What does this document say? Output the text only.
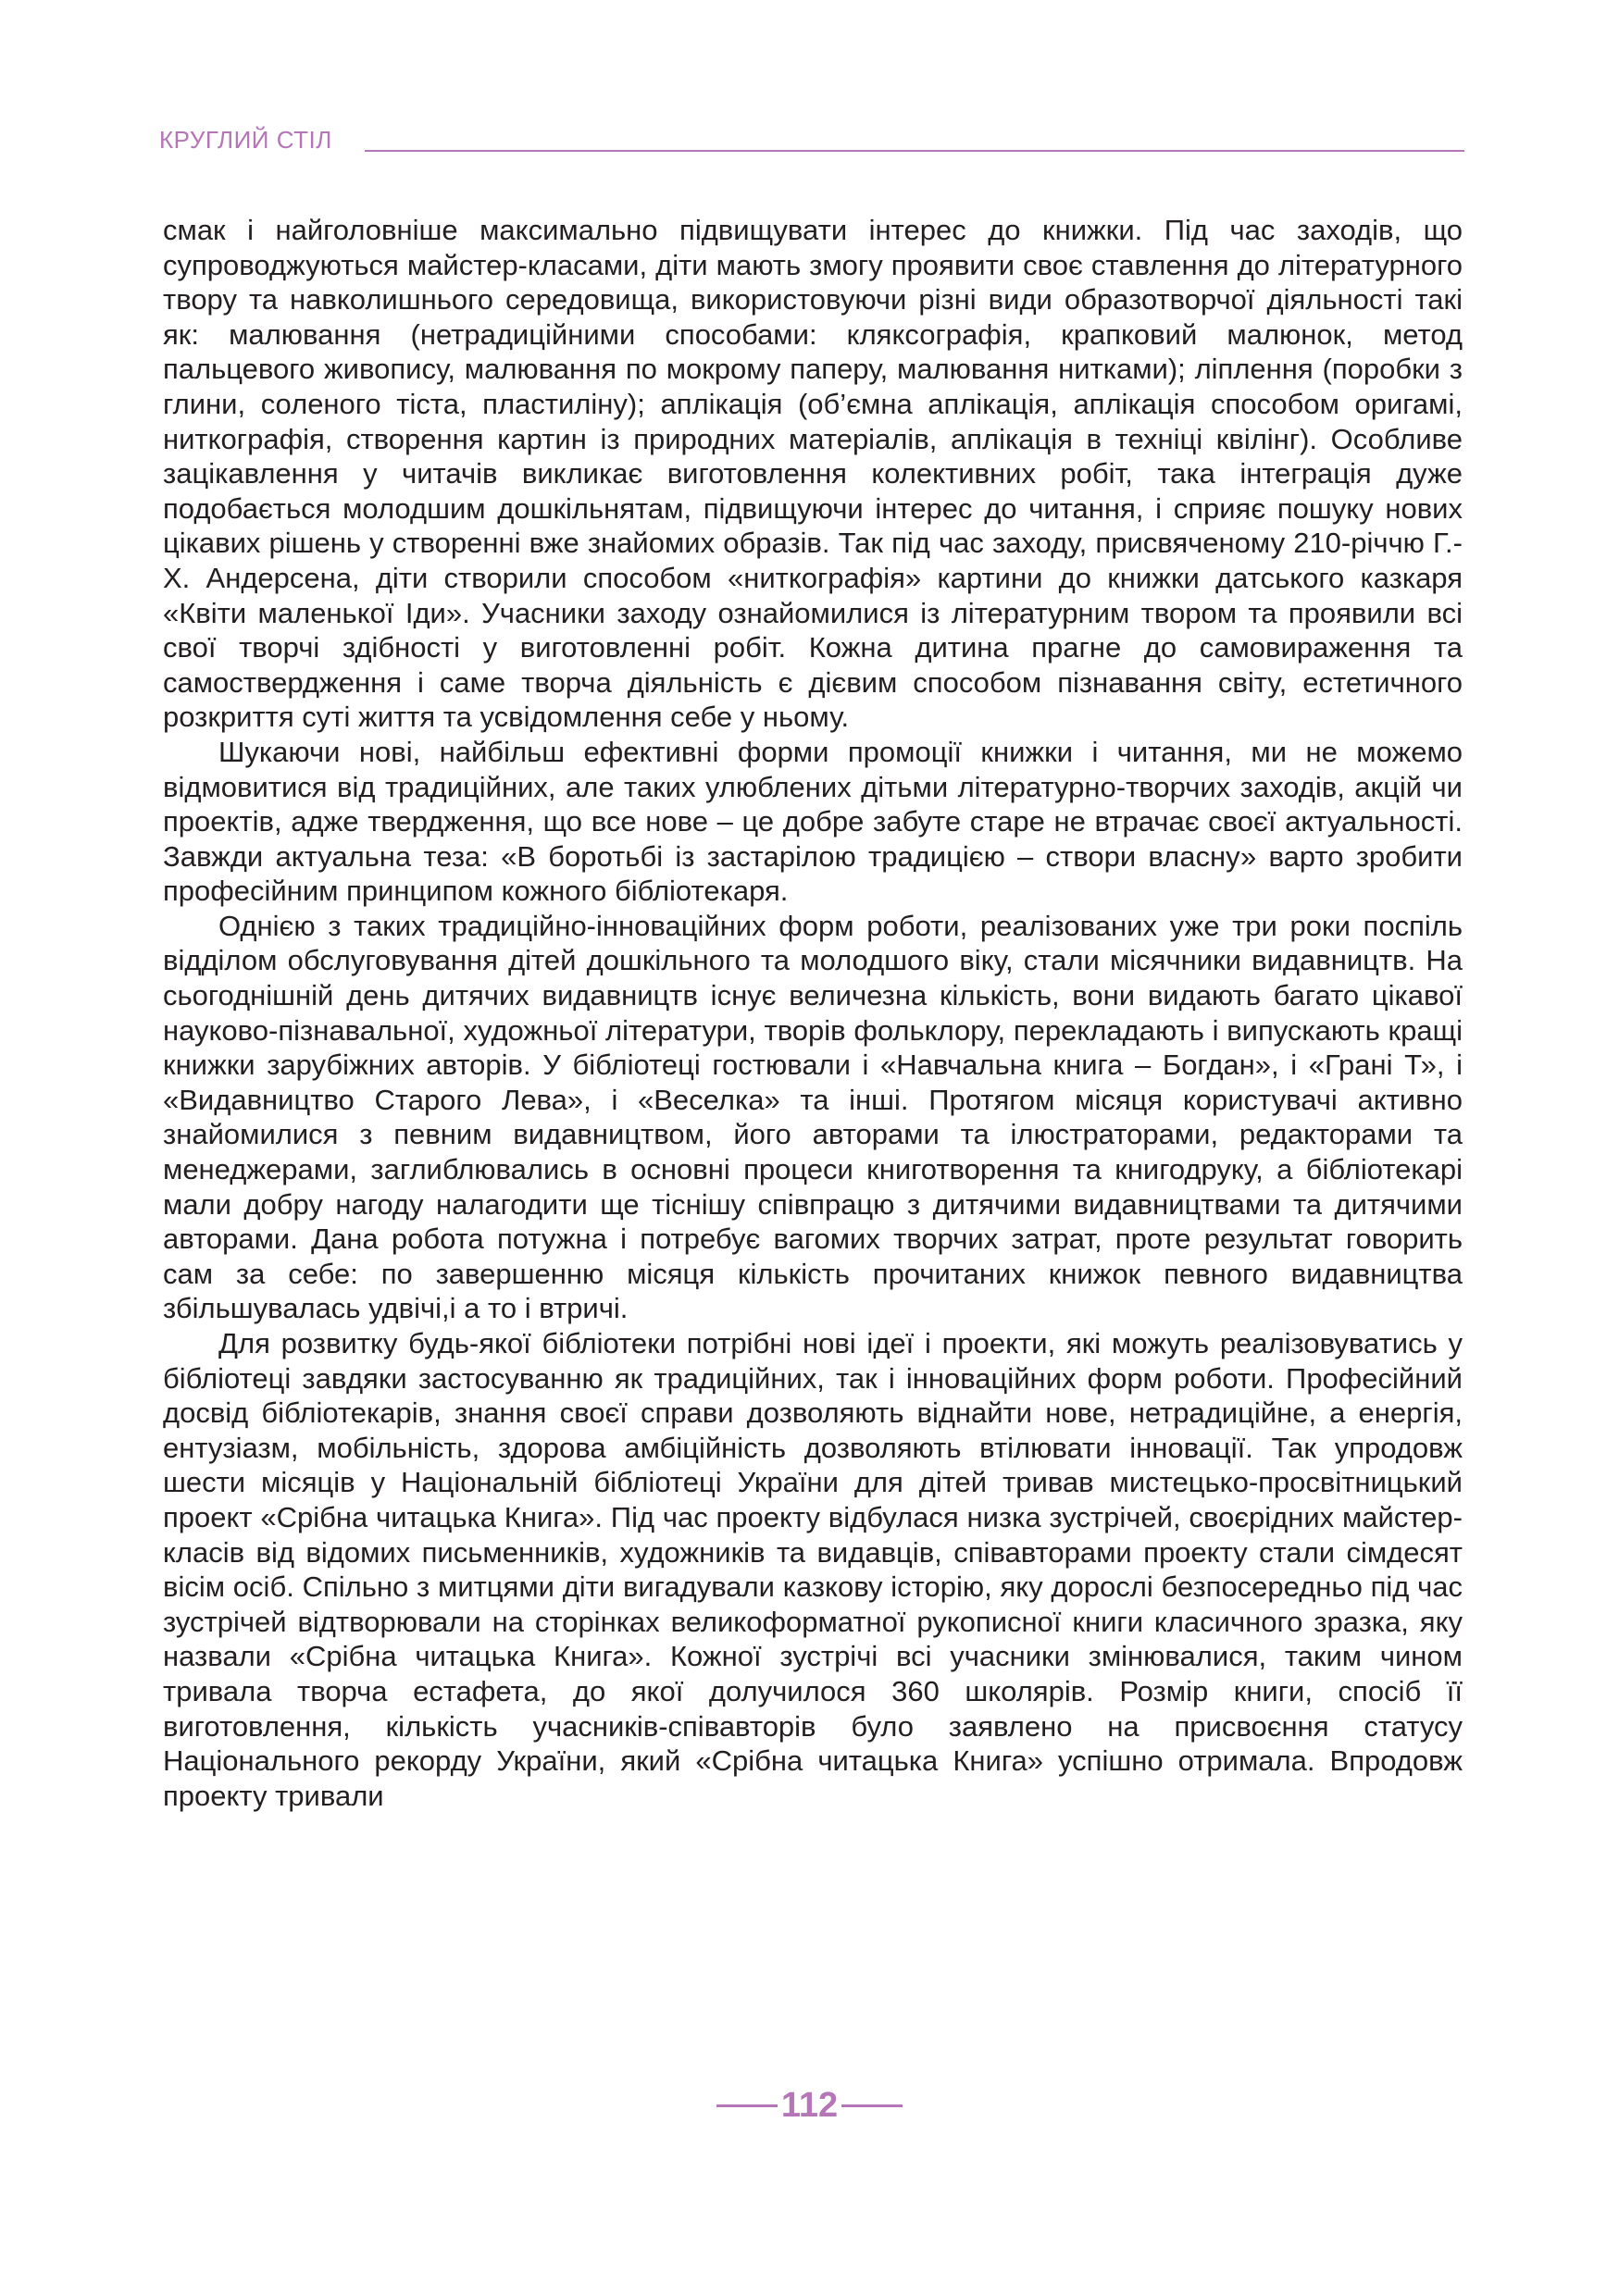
КРУГЛИЙ СТІЛ

смак і найголовніше максимально підвищувати інтерес до книжки. Під час заходів, що супроводжуються майстер-класами, діти мають змогу проявити своє ставлення до літературного твору та навколишнього середовища, використовуючи різні види образотворчої діяльності такі як: малювання (нетрадиційними способами: кляксографія, крапковий малюнок, метод пальцевого живопису, малювання по мокрому паперу, малювання нитками); ліплення (поробки з глини, соленого тіста, пластиліну); аплікація (об’ємна аплікація, аплікація способом оригамі, ниткографія, створення картин із природних матеріалів, аплікація в техніці квілінг). Особливе зацікавлення у читачів викликає виготовлення колективних робіт, така інтеграція дуже подобається молодшим дошкільнятам, підвищуючи інтерес до читання, і сприяє пошуку нових цікавих рішень у створенні вже знайомих образів. Так під час заходу, присвяченому 210-річчю Г.-Х. Андерсена, діти створили способом «ниткографія» картини до книжки датського казкаря «Квіти маленької Іди». Учасники заходу ознайомилися із літературним твором та проявили всі свої творчі здібності у виготовленні робіт. Кожна дитина прагне до самовираження та самоствердження і саме творча діяльність є дієвим способом пізнавання світу, естетичного розкриття суті життя та усвідомлення себе у ньому.

Шукаючи нові, найбільш ефективні форми промоції книжки і читання, ми не можемо відмовитися від традиційних, але таких улюблених дітьми літературно-творчих заходів, акцій чи проектів, адже твердження, що все нове – це добре забуте старе не втрачає своєї актуальності. Завжди актуальна теза: «В боротьбі із застарілою традицією – створи власну» варто зробити професійним принципом кожного бібліотекаря.

Однією з таких традиційно-інноваційних форм роботи, реалізованих уже три роки поспіль відділом обслуговування дітей дошкільного та молодшого віку, стали місячники видавництв. На сьогоднішній день дитячих видавництв існує величезна кількість, вони видають багато цікавої науково-пізнавальної, художньої літератури, творів фольклору, перекладають і випускають кращі книжки зарубіжних авторів. У бібліотеці гостювали і «Навчальна книга – Богдан», і «Грані Т», і «Видавництво Старого Лева», і «Веселка» та інші. Протягом місяця користувачі активно знайомилися з певним видавництвом, його авторами та ілюстраторами, редакторами та менеджерами, заглиблювались в основні процеси книготворення та книгодруку, а бібліотекарі мали добру нагоду налагодити ще тіснішу співпрацю з дитячими видавництвами та дитячими авторами. Дана робота потужна і потребує вагомих творчих затрат, проте результат говорить сам за себе: по завершенню місяця кількість прочитаних книжок певного видавництва збільшувалась удвічі,і а то і втричі.

Для розвитку будь-якої бібліотеки потрібні нові ідеї і проекти, які можуть реалізовуватись у бібліотеці завдяки застосуванню як традиційних, так і інноваційних форм роботи. Професійний досвід бібліотекарів, знання своєї справи дозволяють віднайти нове, нетрадиційне, а енергія, ентузіазм, мобільність, здорова амбіційність дозволяють втілювати інновації. Так упродовж шести місяців у Національній бібліотеці України для дітей тривав мистецько-просвітницький проект «Срібна читацька Книга». Під час проекту відбулася низка зустрічей, своєрідних майстер-класів від відомих письменників, художників та видавців, співавторами проекту стали сімдесят вісім осіб. Спільно з митцями діти вигадували казкову історію, яку дорослі безпосередньо під час зустрічей відтворювали на сторінках великоформатної рукописної книги класичного зразка, яку назвали «Срібна читацька Книга». Кожної зустрічі всі учасники змінювалися, таким чином тривала творча естафета, до якої долучилося 360 школярів. Розмір книги, спосіб її виготовлення, кількість учасників-співавторів було заявлено на присвоєння статусу Національного рекорду України, який «Срібна читацька Книга» успішно отримала. Впродовж проекту тривали

112
